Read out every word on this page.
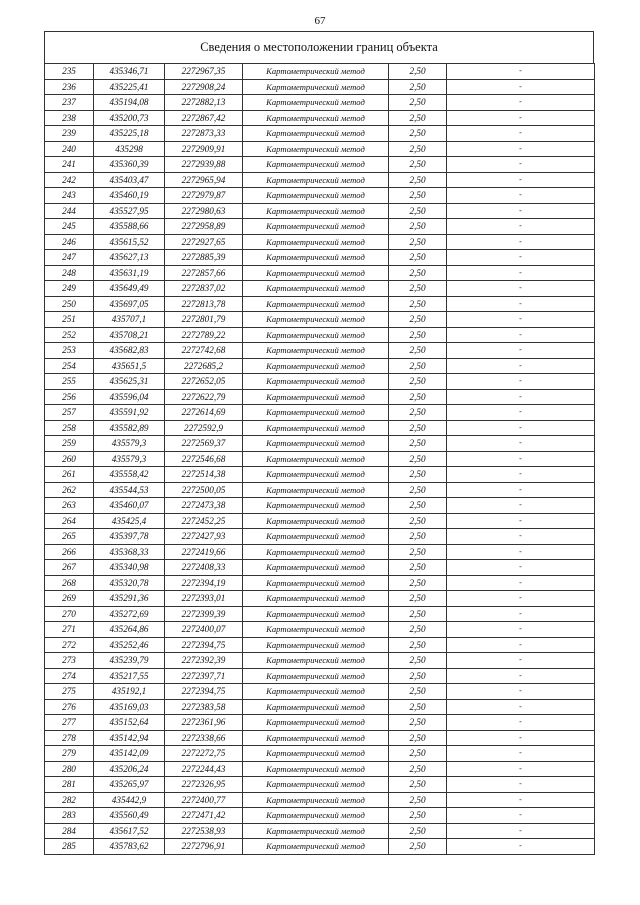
67
Сведения о местоположении границ объекта
235	435346,71	2272967,35	Картометрический метод	2,50	-
236	435225,41	2272908,24	Картометрический метод	2,50	-
237	435194,08	2272882,13	Картометрический метод	2,50	-
238	435200,73	2272867,42	Картометрический метод	2,50	-
239	435225,18	2272873,33	Картометрический метод	2,50	-
240	435298	2272909,91	Картометрический метод	2,50	-
241	435360,39	2272939,88	Картометрический метод	2,50	-
242	435403,47	2272965,94	Картометрический метод	2,50	-
243	435460,19	2272979,87	Картометрический метод	2,50	-
244	435527,95	2272980,63	Картометрический метод	2,50	-
245	435588,66	2272958,89	Картометрический метод	2,50	-
246	435615,52	2272927,65	Картометрический метод	2,50	-
247	435627,13	2272885,39	Картометрический метод	2,50	-
248	435631,19	2272857,66	Картометрический метод	2,50	-
249	435649,49	2272837,02	Картометрический метод	2,50	-
250	435697,05	2272813,78	Картометрический метод	2,50	-
251	435707,1	2272801,79	Картометрический метод	2,50	-
252	435708,21	2272789,22	Картометрический метод	2,50	-
253	435682,83	2272742,68	Картометрический метод	2,50	-
254	435651,5	2272685,2	Картометрический метод	2,50	-
255	435625,31	2272652,05	Картометрический метод	2,50	-
256	435596,04	2272622,79	Картометрический метод	2,50	-
257	435591,92	2272614,69	Картометрический метод	2,50	-
258	435582,89	2272592,9	Картометрический метод	2,50	-
259	435579,3	2272569,37	Картометрический метод	2,50	-
260	435579,3	2272546,68	Картометрический метод	2,50	-
261	435558,42	2272514,38	Картометрический метод	2,50	-
262	435544,53	2272500,05	Картометрический метод	2,50	-
263	435460,07	2272473,38	Картометрический метод	2,50	-
264	435425,4	2272452,25	Картометрический метод	2,50	-
265	435397,78	2272427,93	Картометрический метод	2,50	-
266	435368,33	2272419,66	Картометрический метод	2,50	-
267	435340,98	2272408,33	Картометрический метод	2,50	-
268	435320,78	2272394,19	Картометрический метод	2,50	-
269	435291,36	2272393,01	Картометрический метод	2,50	-
270	435272,69	2272399,39	Картометрический метод	2,50	-
271	435264,86	2272400,07	Картометрический метод	2,50	-
272	435252,46	2272394,75	Картометрический метод	2,50	-
273	435239,79	2272392,39	Картометрический метод	2,50	-
274	435217,55	2272397,71	Картометрический метод	2,50	-
275	435192,1	2272394,75	Картометрический метод	2,50	-
276	435169,03	2272383,58	Картометрический метод	2,50	-
277	435152,64	2272361,96	Картометрический метод	2,50	-
278	435142,94	2272338,66	Картометрический метод	2,50	-
279	435142,09	2272272,75	Картометрический метод	2,50	-
280	435206,24	2272244,43	Картометрический метод	2,50	-
281	435265,97	2272326,95	Картометрический метод	2,50	-
282	435442,9	2272400,77	Картометрический метод	2,50	-
283	435560,49	2272471,42	Картометрический метод	2,50	-
284	435617,52	2272538,93	Картометрический метод	2,50	-
285	435783,62	2272796,91	Картометрический метод	2,50	-
